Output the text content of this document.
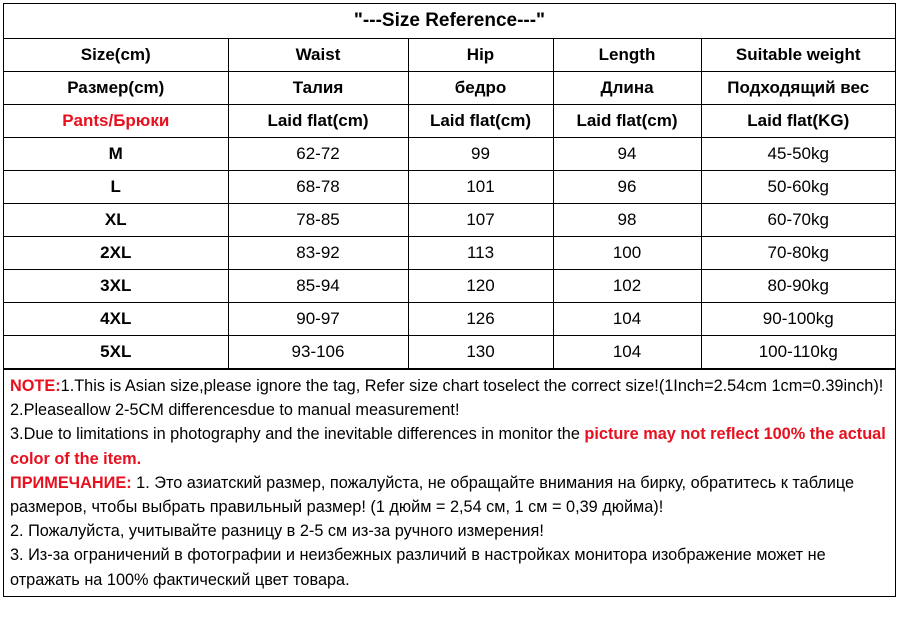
"---Size Reference---"
Size(cm)	Waist	Hip	Length	Suitable weight
Размер(cm)	Талия	бедро	Длина	Подходящий вес
Pants/Брюки	Laid flat(cm)	Laid flat(cm)	Laid flat(cm)	Laid flat(KG)
M	62-72	99	94	45-50kg
L	68-78	101	96	50-60kg
XL	78-85	107	98	60-70kg
2XL	83-92	113	100	70-80kg
3XL	85-94	120	102	80-90kg
4XL	90-97	126	104	90-100kg
5XL	93-106	130	104	100-110kg

NOTE:1.This is Asian size,please ignore the tag, Refer size chart toselect the correct size!(1Inch=2.54cm 1cm=0.39inch)!

2.Pleaseallow 2-5CM differencesdue to manual measurement!

3.Due to limitations in photography and the inevitable differences in monitor the picture may not reflect 100% the actual color of the item.

ПРИМЕЧАНИЕ: 1. Это азиатский размер, пожалуйста, не обращайте внимания на бирку, обратитесь к таблице размеров, чтобы выбрать правильный размер! (1 дюйм = 2,54 см, 1 см = 0,39 дюйма)!

2. Пожалуйста, учитывайте разницу в 2-5 см из-за ручного измерения!

3. Из-за ограничений в фотографии и неизбежных различий в настройках монитора изображение может не отражать на 100% фактический цвет товара.
